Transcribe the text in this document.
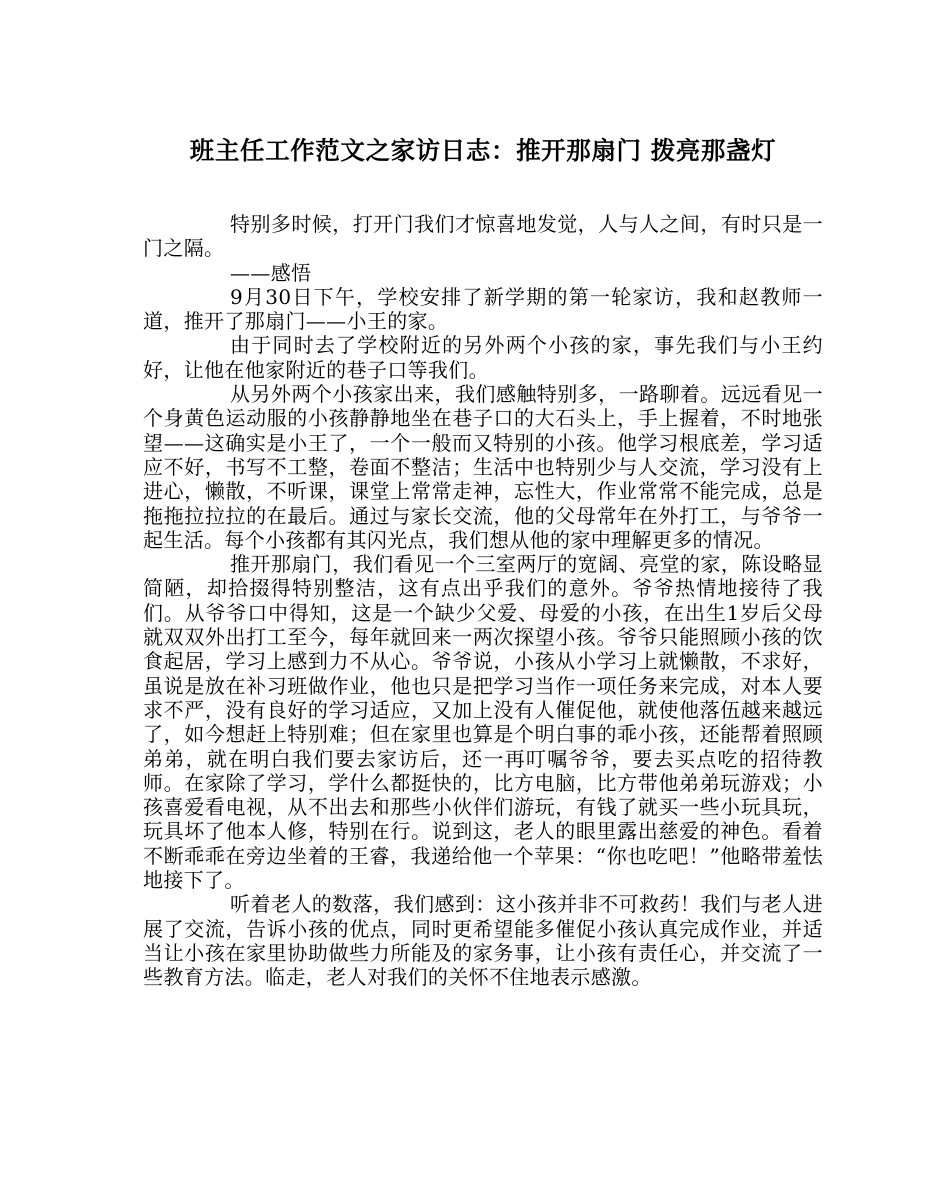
班主任工作范文之家访日志：推开那扇门 拨亮那盏灯

特别多时候，打开门我们才惊喜地发觉，人与人之间，有时只是一门之隔。

——感悟

9月30日下午，学校安排了新学期的第一轮家访，我和赵教师一道，推开了那扇门——小王的家。

由于同时去了学校附近的另外两个小孩的家，事先我们与小王约好，让他在他家附近的巷子口等我们。

从另外两个小孩家出来，我们感触特别多，一路聊着。远远看见一个身黄色运动服的小孩静静地坐在巷子口的大石头上，手上握着，不时地张望——这确实是小王了，一个一般而又特别的小孩。他学习根底差，学习适应不好，书写不工整，卷面不整洁；生活中也特别少与人交流，学习没有上进心，懒散，不听课，课堂上常常走神，忘性大，作业常常不能完成，总是拖拖拉拉拉的在最后。通过与家长交流，他的父母常年在外打工，与爷爷一起生活。每个小孩都有其闪光点，我们想从他的家中理解更多的情况。

推开那扇门，我们看见一个三室两厅的宽阔、亮堂的家，陈设略显简陋，却拾掇得特别整洁，这有点出乎我们的意外。爷爷热情地接待了我们。从爷爷口中得知，这是一个缺少父爱、母爱的小孩，在出生1岁后父母就双双外出打工至今，每年就回来一两次探望小孩。爷爷只能照顾小孩的饮食起居，学习上感到力不从心。爷爷说，小孩从小学习上就懒散，不求好，虽说是放在补习班做作业，他也只是把学习当作一项任务来完成，对本人要求不严，没有良好的学习适应，又加上没有人催促他，就使他落伍越来越远了，如今想赶上特别难；但在家里也算是个明白事的乖小孩，还能帮着照顾弟弟，就在明白我们要去家访后，还一再叮嘱爷爷，要去买点吃的招待教师。在家除了学习，学什么都挺快的，比方电脑，比方带他弟弟玩游戏；小孩喜爱看电视，从不出去和那些小伙伴们游玩，有钱了就买一些小玩具玩，玩具坏了他本人修，特别在行。说到这，老人的眼里露出慈爱的神色。看着不断乖乖在旁边坐着的王睿，我递给他一个苹果：“你也吃吧！”他略带羞怯地接下了。

听着老人的数落，我们感到：这小孩并非不可救药！我们与老人进展了交流，告诉小孩的优点，同时更希望能多催促小孩认真完成作业，并适当让小孩在家里协助做些力所能及的家务事，让小孩有责任心，并交流了一些教育方法。临走，老人对我们的关怀不住地表示感激。
